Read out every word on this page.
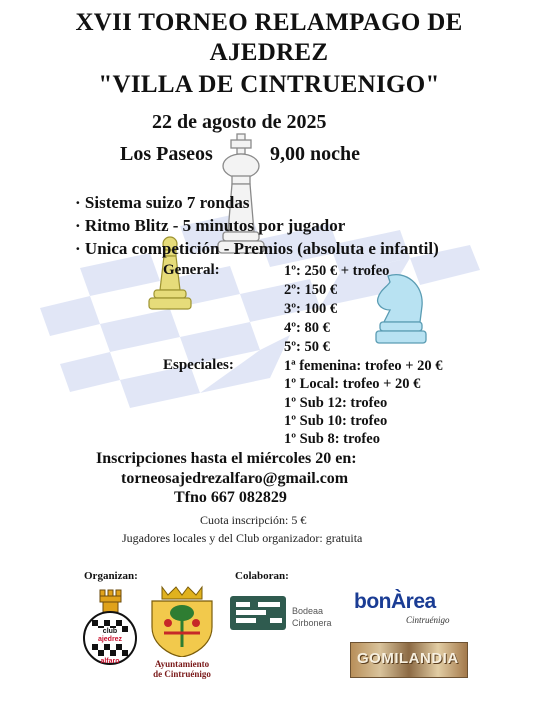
XVII TORNEO RELAMPAGO DE
AJEDREZ
"VILLA DE CINTRUENIGO"
22 de agosto de 2025
Los Paseos	9,00 noche
· Sistema suizo 7 rondas
· Ritmo Blitz - 5 minutos por jugador
· Unica competición - Premios (absoluta e infantil)
General:	1º: 250 € + trofeo
2º: 150 €
3º: 100 €
4º: 80 €
5º: 50 €
Especiales:	1ª femenina: trofeo + 20 €
1º Local: trofeo + 20 €
1º Sub 12: trofeo
1º Sub 10: trofeo
1º Sub 8: trofeo
Inscripciones hasta el miércoles 20 en:
torneosajedrezalfaro@gmail.com
Tfno 667 082829
Cuota inscripción: 5 €
Jugadores locales y del Club organizador: gratuita
Organizan:	Colaboran:
club
ajedrez
alfaro	Ayuntamiento
de Cintruénigo
Bodeaa
Cirbonera
bonÀrea
Cintruénigo
GOMILANDIA
